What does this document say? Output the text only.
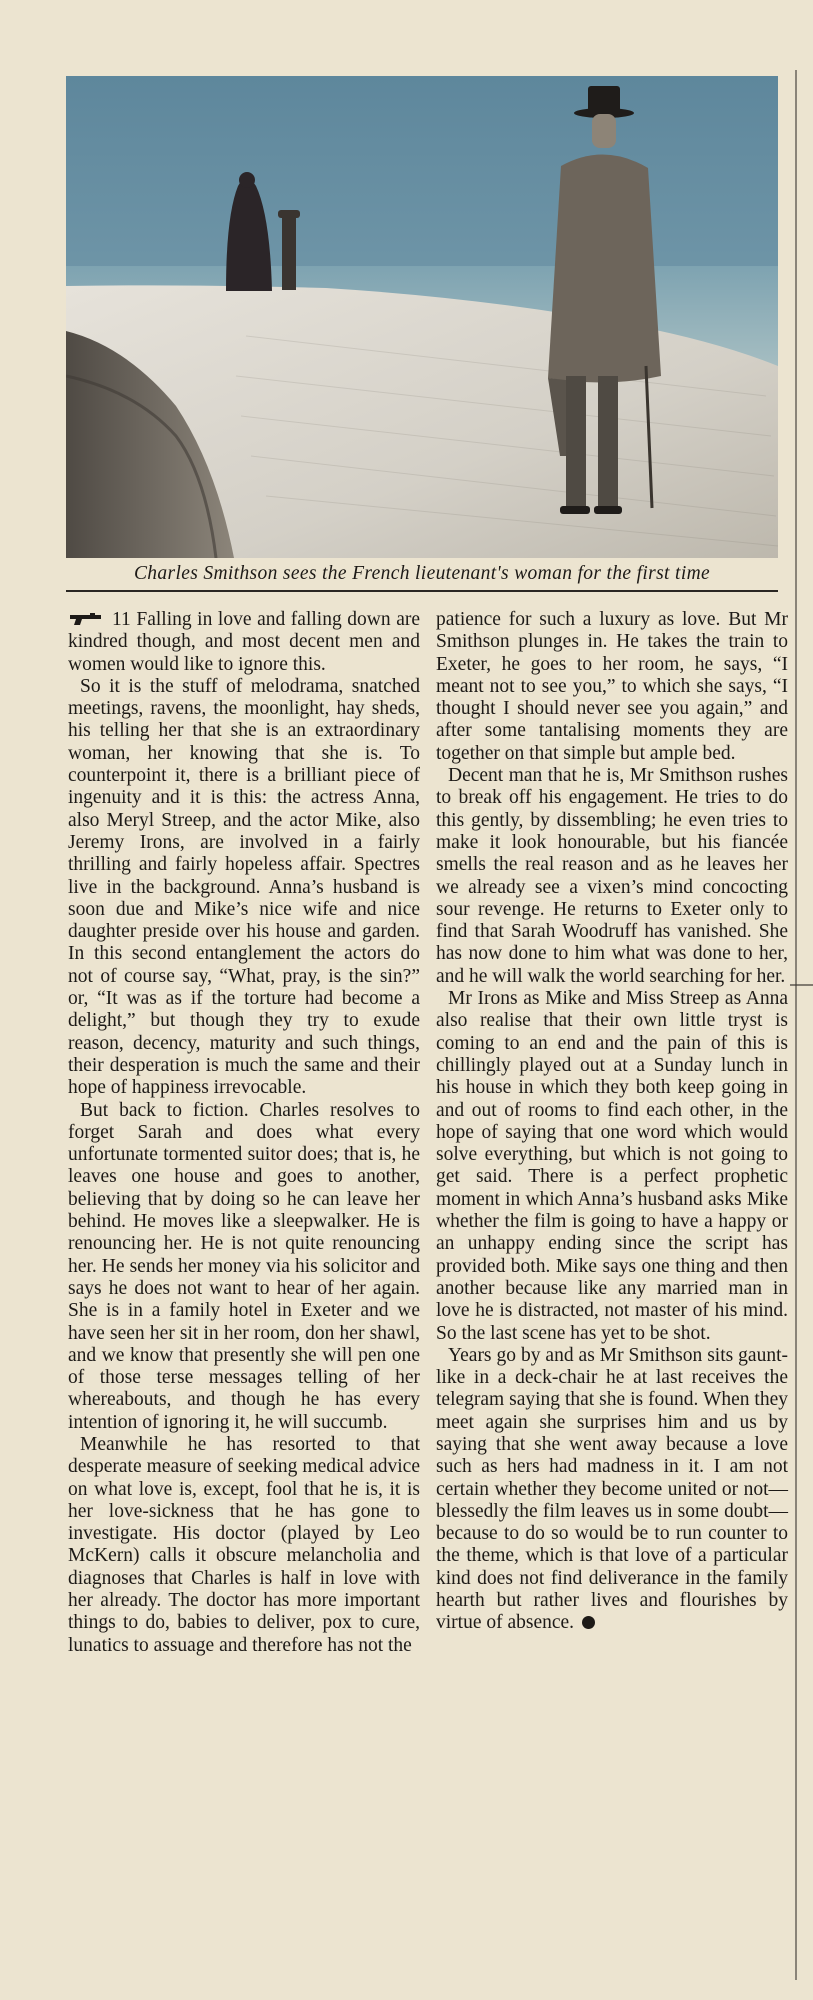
Charles Smithson sees the French lieutenant's woman for the first time

11 Falling in love and falling down are kindred though, and most decent men and women would like to ignore this.

So it is the stuff of melodrama, snatched meetings, ravens, the moonlight, hay sheds, his telling her that she is an extraordinary woman, her knowing that she is. To counterpoint it, there is a brilliant piece of ingenuity and it is this: the actress Anna, also Meryl Streep, and the actor Mike, also Jeremy Irons, are involved in a fairly thrilling and fairly hopeless affair. Spectres live in the background. Anna’s husband is soon due and Mike’s nice wife and nice daughter preside over his house and garden. In this second entanglement the actors do not of course say, “What, pray, is the sin?” or, “It was as if the torture had become a delight,” but though they try to exude reason, decency, maturity and such things, their desperation is much the same and their hope of happiness irrevocable.

But back to fiction. Charles resolves to forget Sarah and does what every unfortunate tormented suitor does; that is, he leaves one house and goes to another, believing that by doing so he can leave her behind. He moves like a sleepwalker. He is renouncing her. He is not quite renouncing her. He sends her money via his solicitor and says he does not want to hear of her again. She is in a family hotel in Exeter and we have seen her sit in her room, don her shawl, and we know that presently she will pen one of those terse messages telling of her whereabouts, and though he has every intention of ignoring it, he will succumb.

Meanwhile he has resorted to that desperate measure of seeking medical advice on what love is, except, fool that he is, it is her love-sickness that he has gone to investigate. His doctor (played by Leo McKern) calls it obscure melancholia and diagnoses that Charles is half in love with her already. The doctor has more important things to do, babies to deliver, pox to cure, lunatics to assuage and therefore has not the

patience for such a luxury as love. But Mr Smithson plunges in. He takes the train to Exeter, he goes to her room, he says, “I meant not to see you,” to which she says, “I thought I should never see you again,” and after some tantalising moments they are together on that simple but ample bed.

Decent man that he is, Mr Smithson rushes to break off his engagement. He tries to do this gently, by dissembling; he even tries to make it look honourable, but his fiancée smells the real reason and as he leaves her we already see a vixen’s mind concocting sour revenge. He returns to Exeter only to find that Sarah Woodruff has vanished. She has now done to him what was done to her, and he will walk the world searching for her.

Mr Irons as Mike and Miss Streep as Anna also realise that their own little tryst is coming to an end and the pain of this is chillingly played out at a Sunday lunch in his house in which they both keep going in and out of rooms to find each other, in the hope of saying that one word which would solve everything, but which is not going to get said. There is a perfect prophetic moment in which Anna’s husband asks Mike whether the film is going to have a happy or an unhappy ending since the script has provided both. Mike says one thing and then another because like any married man in love he is distracted, not master of his mind. So the last scene has yet to be shot.

Years go by and as Mr Smithson sits gaunt-like in a deck-chair he at last receives the telegram saying that she is found. When they meet again she surprises him and us by saying that she went away because a love such as hers had madness in it. I am not certain whether they become united or not—blessedly the film leaves us in some doubt—because to do so would be to run counter to the theme, which is that love of a particular kind does not find deliverance in the family hearth but rather lives and flourishes by virtue of absence.
